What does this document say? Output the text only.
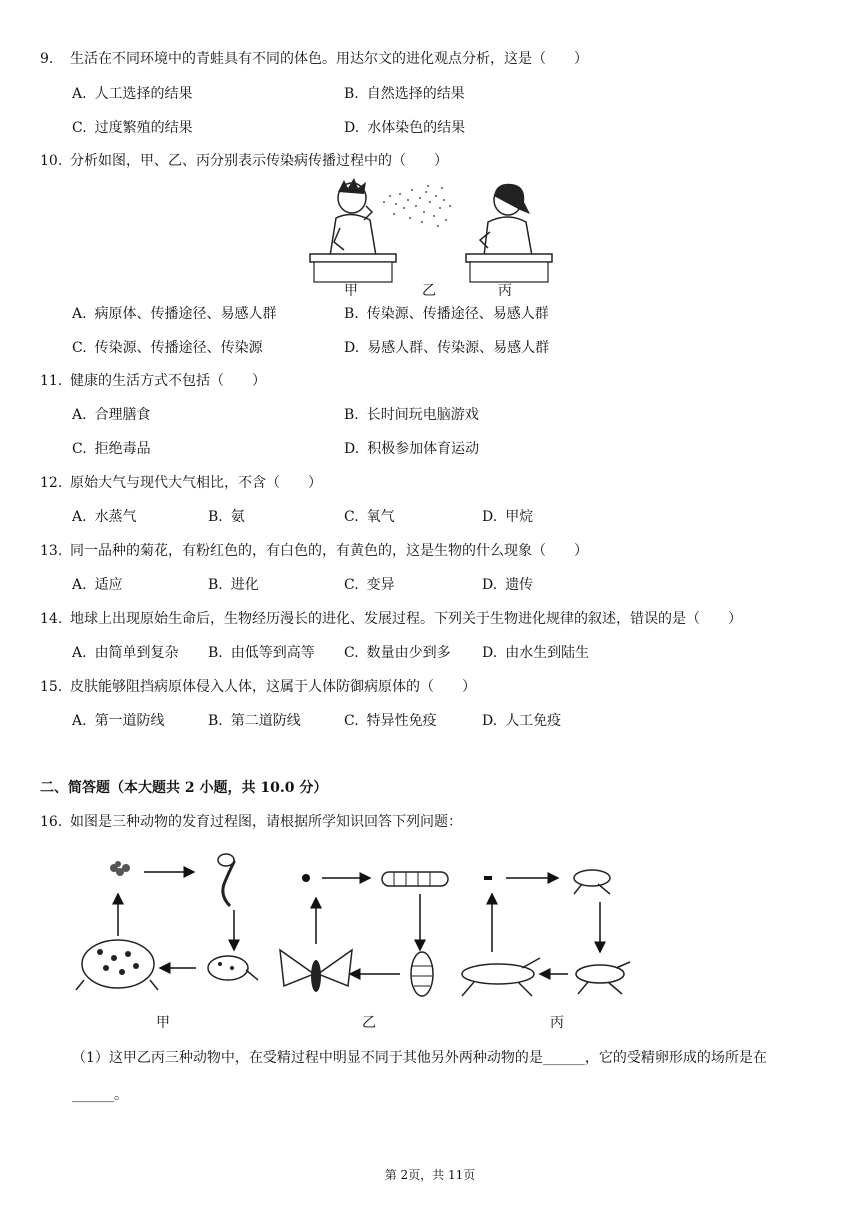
9. 生活在不同环境中的青蛙具有不同的体色。用达尔文的进化观点分析，这是（　　）
A. 人工选择的结果	B. 自然选择的结果
C. 过度繁殖的结果	D. 水体染色的结果
10. 分析如图，甲、乙、丙分别表示传染病传播过程中的（　　）
甲	乙	丙
A. 病原体、传播途径、易感人群	B. 传染源、传播途径、易感人群
C. 传染源、传播途径、传染源	D. 易感人群、传染源、易感人群
11. 健康的生活方式不包括（　　）
A. 合理膳食	B. 长时间玩电脑游戏
C. 拒绝毒品	D. 积极参加体育运动
12. 原始大气与现代大气相比，不含（　　）
A. 水蒸气	B. 氨	C. 氧气	D. 甲烷
13. 同一品种的菊花，有粉红色的，有白色的，有黄色的，这是生物的什么现象（　　）
A. 适应	B. 进化	C. 变异	D. 遗传
14. 地球上出现原始生命后，生物经历漫长的进化、发展过程。下列关于生物进化规律的叙述，错误的是（　　）
A. 由简单到复杂 B. 由低等到高等 C. 数量由少到多 D. 由水生到陆生
15. 皮肤能够阻挡病原体侵入人体，这属于人体防御病原体的（　　）
A. 第一道防线	B. 第二道防线	C. 特异性免疫	D. 人工免疫
二、简答题（本大题共 2 小题，共 10.0 分）
16. 如图是三种动物的发育过程图，请根据所学知识回答下列问题：
甲	乙	丙
（1）这甲乙丙三种动物中，在受精过程中明显不同于其他另外两种动物的是______，它的受精卵形成的场所是在
______。
第 2页，共 11页
